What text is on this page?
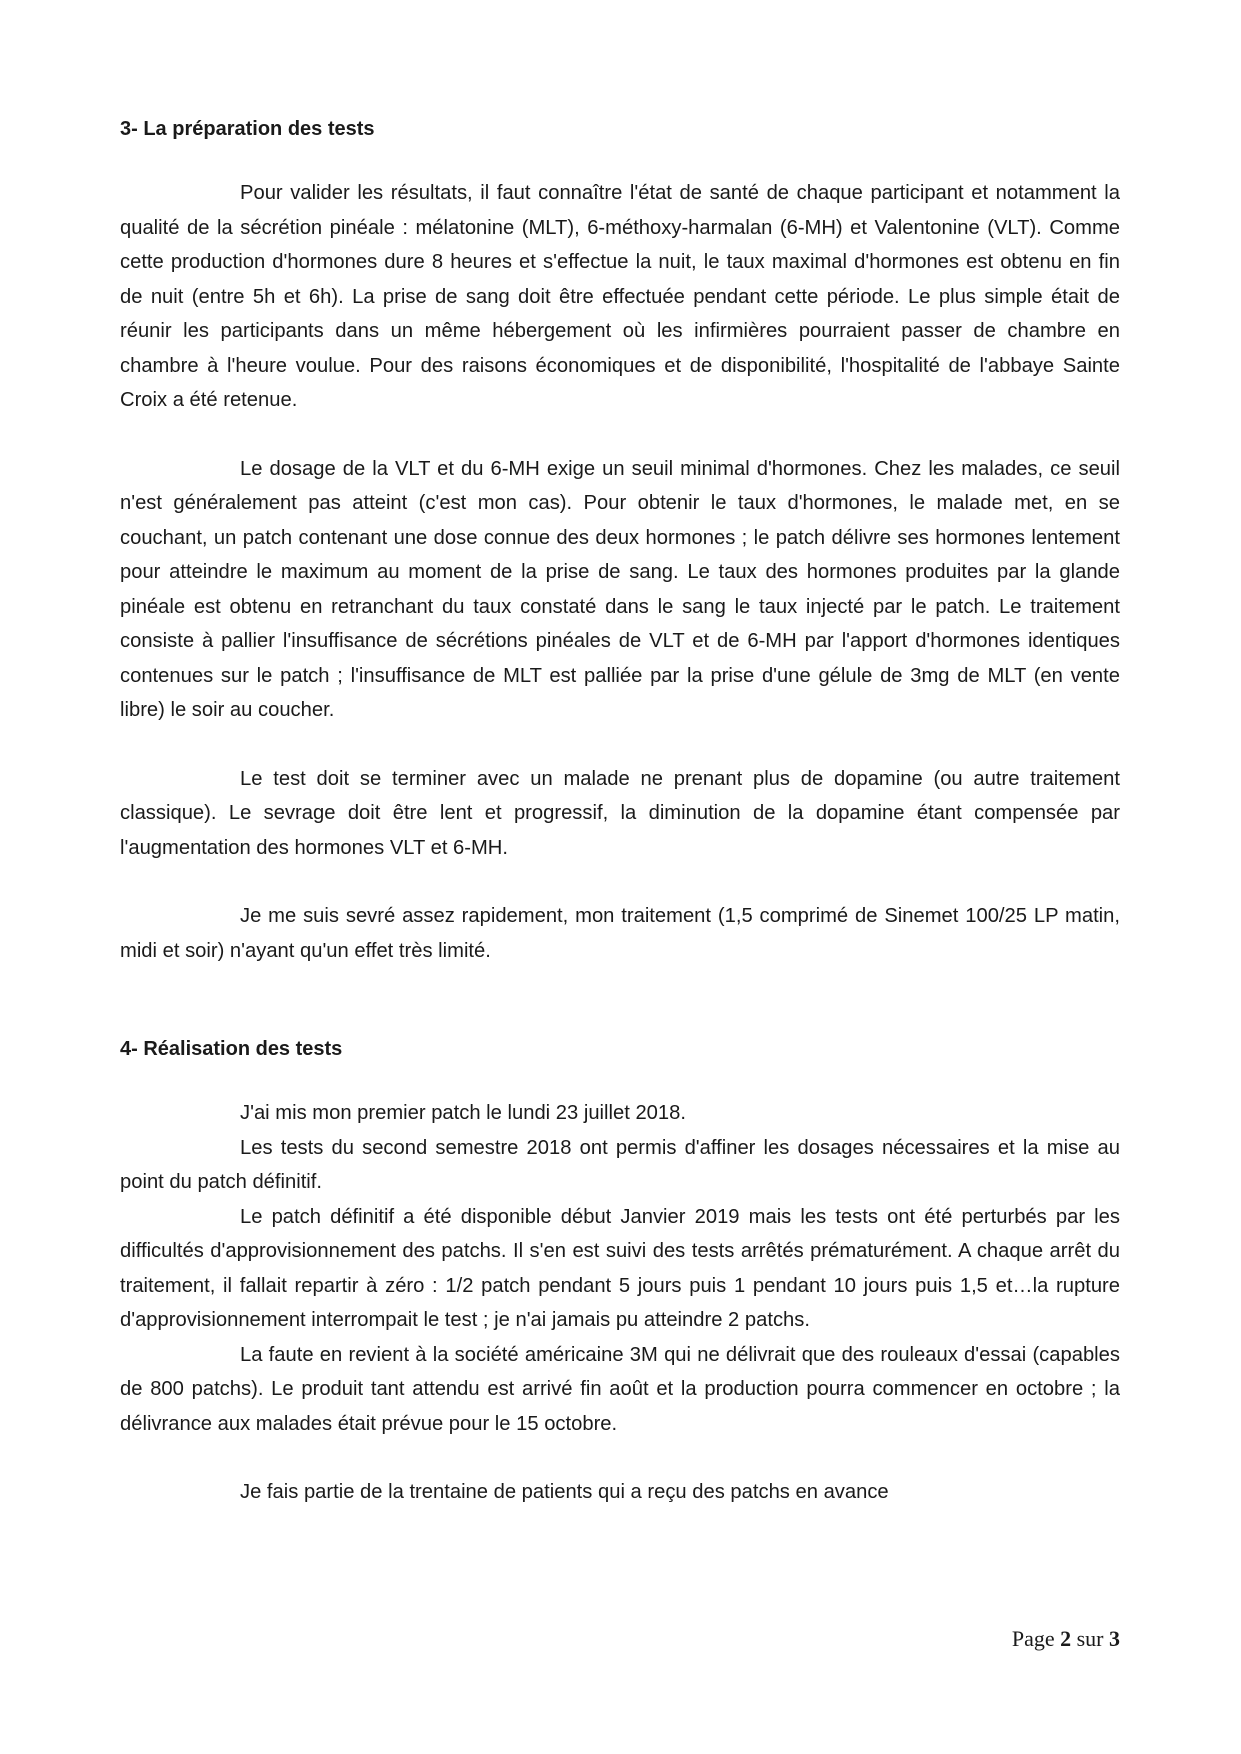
3- La préparation des tests

Pour valider les résultats, il faut connaître l'état de santé de chaque participant et notamment la qualité de la sécrétion pinéale : mélatonine (MLT), 6-méthoxy-harmalan (6-MH) et Valentonine (VLT). Comme cette production d'hormones dure 8 heures et s'effectue la nuit, le taux maximal d'hormones est obtenu en fin de nuit (entre 5h et 6h). La prise de sang doit être effectuée pendant cette période. Le plus simple était de réunir les participants dans un même hébergement où les infirmières pourraient passer de chambre en chambre à l'heure voulue. Pour des raisons économiques et de disponibilité, l'hospitalité de l'abbaye Sainte Croix a été retenue.

Le dosage de la VLT et du 6-MH exige un seuil minimal d'hormones. Chez les malades, ce seuil n'est généralement pas atteint (c'est mon cas). Pour obtenir le taux d'hormones, le malade met, en se couchant, un patch contenant une dose connue des deux hormones ; le patch délivre ses hormones lentement pour atteindre le maximum au moment de la prise de sang. Le taux des hormones produites par la glande pinéale est obtenu en retranchant du taux constaté dans le sang le taux injecté par le patch. Le traitement consiste à pallier l'insuffisance de sécrétions pinéales de VLT et de 6-MH par l'apport d'hormones identiques contenues sur le patch ; l'insuffisance de MLT est palliée par la prise d'une gélule de 3mg de MLT (en vente libre) le soir au coucher.

Le test doit se terminer avec un malade ne prenant plus de dopamine (ou autre traitement classique). Le sevrage doit être lent et progressif, la diminution de la dopamine étant compensée par l'augmentation des hormones VLT et 6-MH.

Je me suis sevré assez rapidement, mon traitement (1,5 comprimé de Sinemet 100/25 LP matin, midi et soir) n'ayant qu'un effet très limité.

4- Réalisation des tests

J'ai mis mon premier patch le lundi 23 juillet 2018.

Les tests du second semestre 2018 ont permis d'affiner les dosages nécessaires et la mise au point du patch définitif.

Le patch définitif a été disponible début Janvier 2019 mais les tests ont été perturbés par les difficultés d'approvisionnement des patchs. Il s'en est suivi des tests arrêtés prématurément. A chaque arrêt du traitement, il fallait repartir à zéro : 1/2 patch pendant 5 jours puis 1 pendant 10 jours puis 1,5 et…la rupture d'approvisionnement interrompait le test ; je n'ai jamais pu atteindre 2 patchs.

La faute en revient à la société américaine 3M qui ne délivrait que des rouleaux d'essai (capables de 800 patchs). Le produit tant attendu est arrivé fin août et la production pourra commencer en octobre ; la délivrance aux malades était prévue pour le 15 octobre.

Je fais partie de la trentaine de patients qui a reçu des patchs en avance

Page 2 sur 3
